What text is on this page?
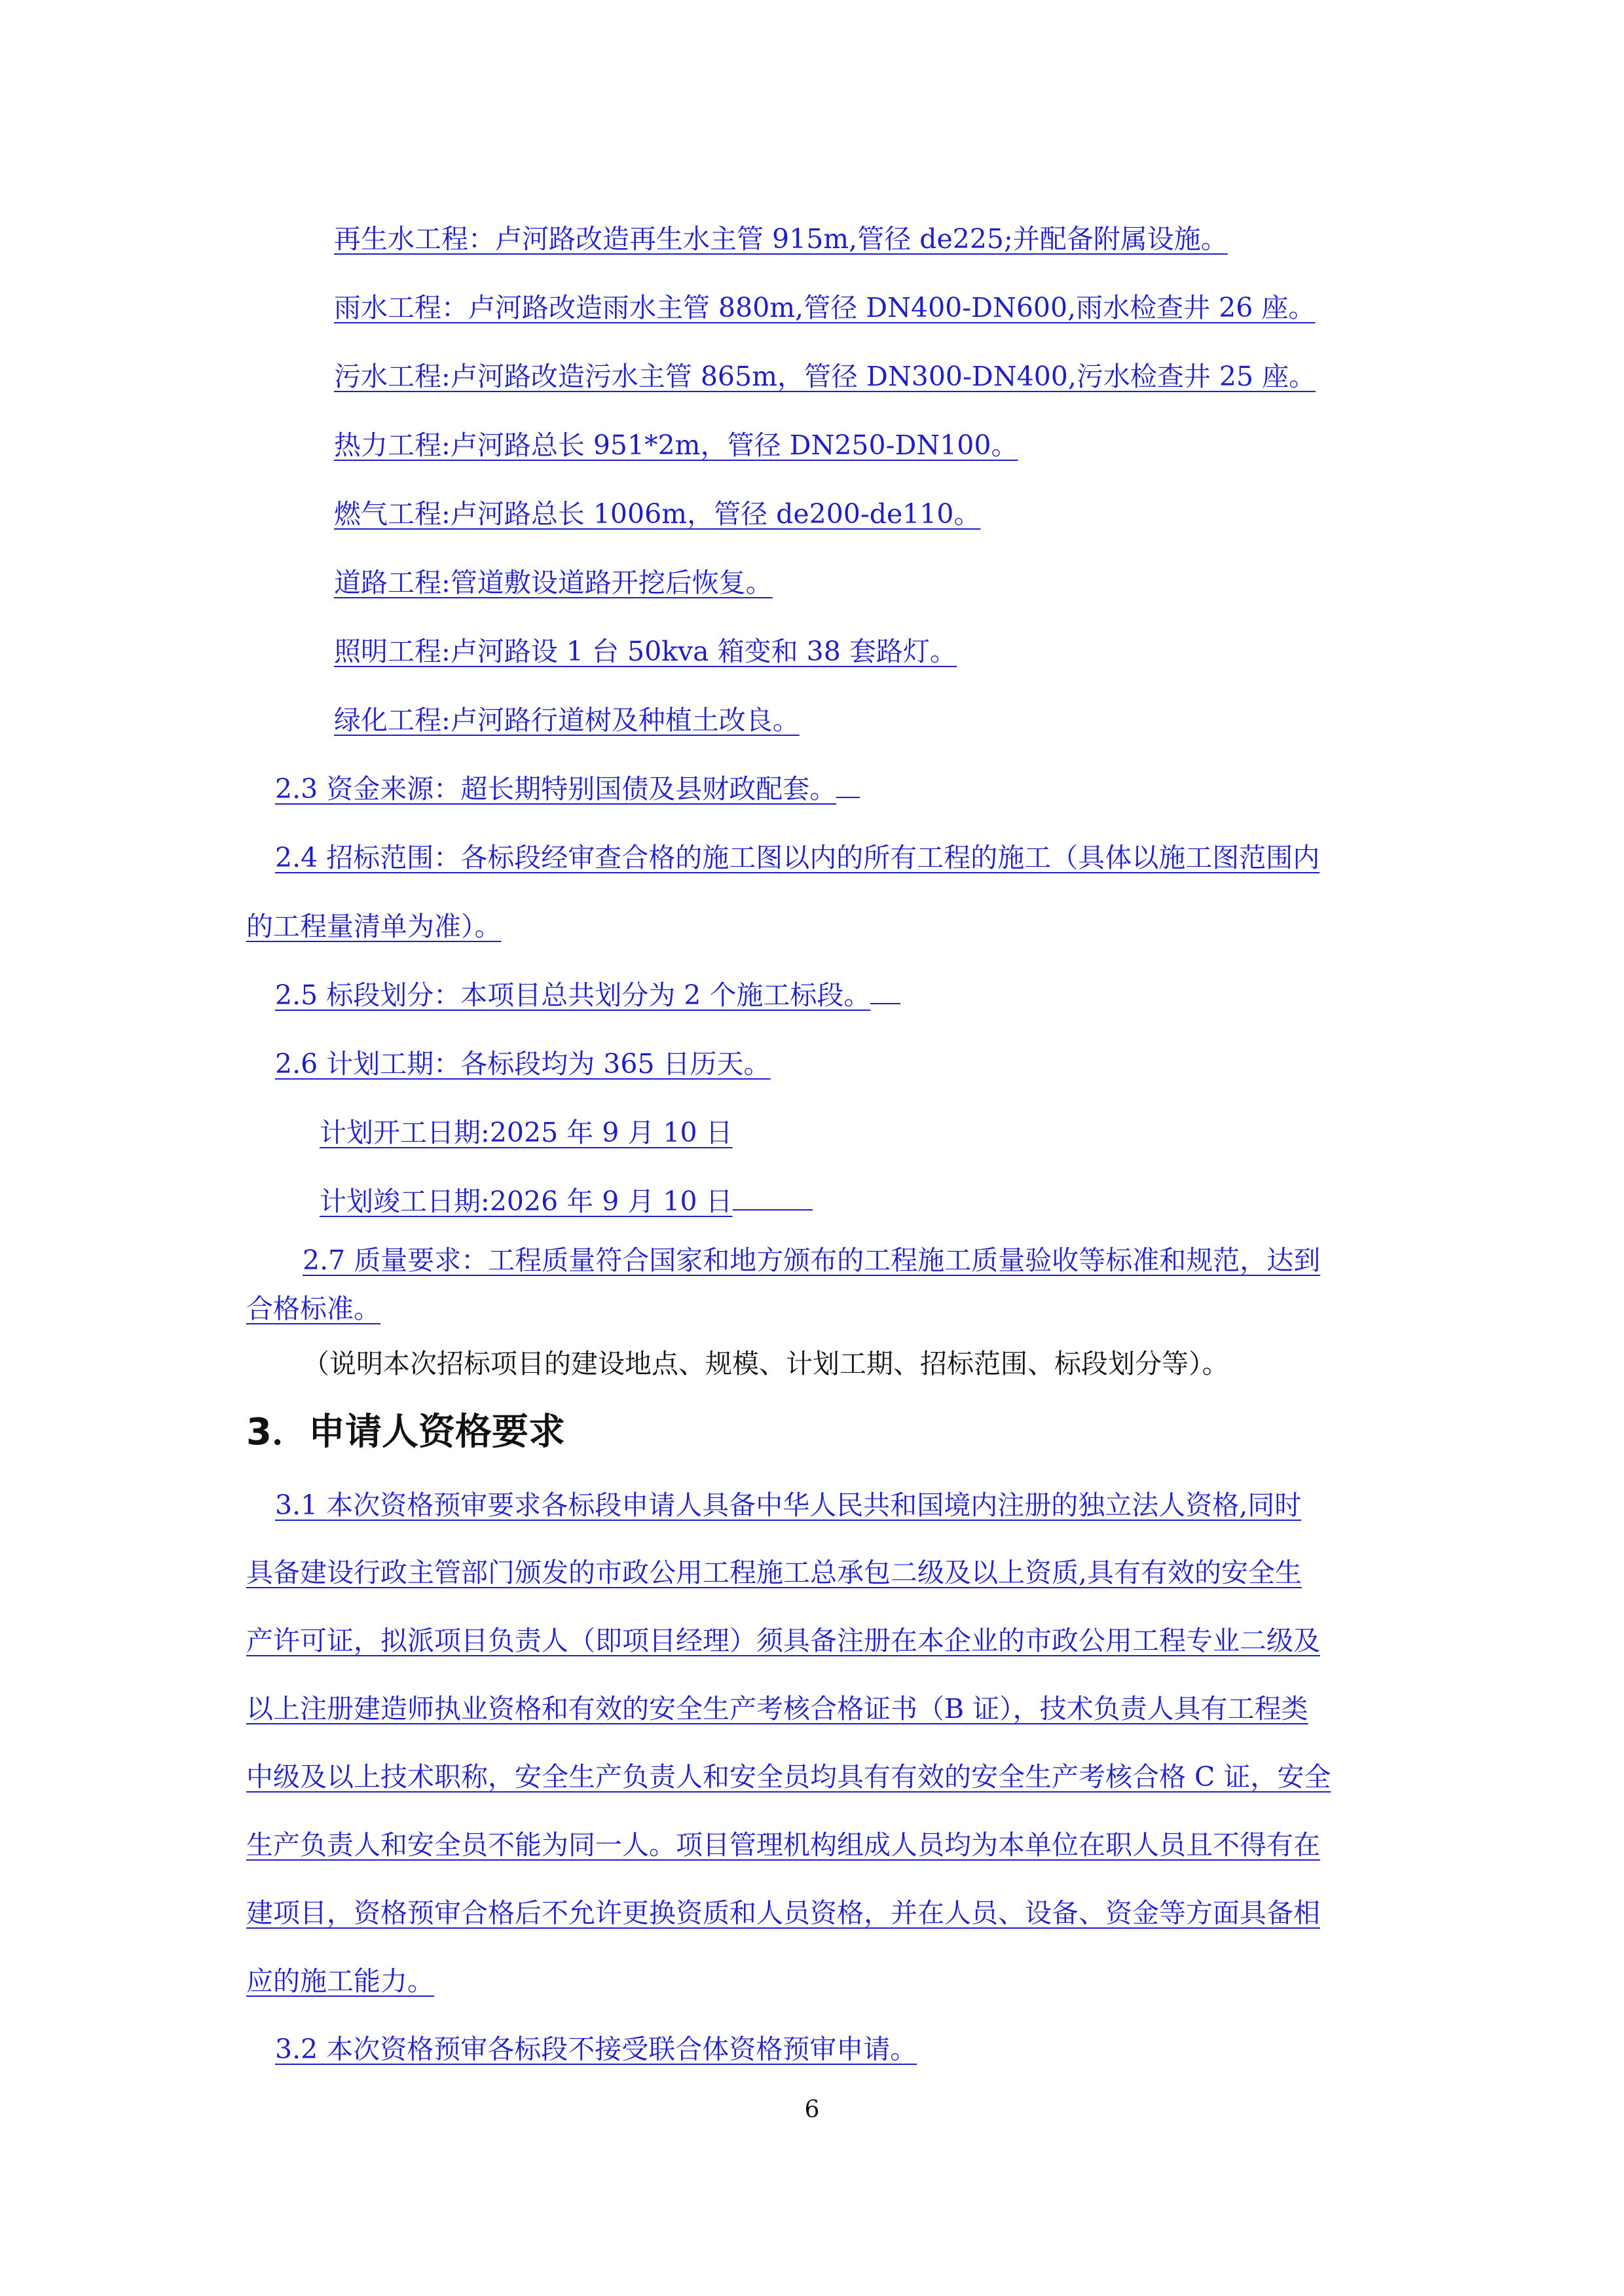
再生水工程：卢河路改造再生水主管 915m,管径 de225;并配备附属设施。

雨水工程：卢河路改造雨水主管 880m,管径 DN400-DN600,雨水检查井 26 座。

污水工程:卢河路改造污水主管 865m，管径 DN300-DN400,污水检查井 25 座。

热力工程:卢河路总长 951*2m，管径 DN250-DN100。

燃气工程:卢河路总长 1006m，管径 de200-de110。

道路工程:管道敷设道路开挖后恢复。

照明工程:卢河路设 1 台 50kva 箱变和 38 套路灯。

绿化工程:卢河路行道树及种植土改良。

2.3 资金来源：超长期特别国债及县财政配套。

2.4 招标范围：各标段经审查合格的施工图以内的所有工程的施工（具体以施工图范围内

的工程量清单为准）。

2.5 标段划分：本项目总共划分为 2 个施工标段。

2.6 计划工期：各标段均为 365 日历天。

计划开工日期:2025 年 9 月 10 日

计划竣工日期:2026 年 9 月 10 日

2.7 质量要求：工程质量符合国家和地方颁布的工程施工质量验收等标准和规范，达到

合格标准。

（说明本次招标项目的建设地点、规模、计划工期、招标范围、标段划分等）。

3．申请人资格要求

3.1 本次资格预审要求各标段申请人具备中华人民共和国境内注册的独立法人资格,同时

具备建设行政主管部门颁发的市政公用工程施工总承包二级及以上资质,具有有效的安全生

产许可证，拟派项目负责人（即项目经理）须具备注册在本企业的市政公用工程专业二级及

以上注册建造师执业资格和有效的安全生产考核合格证书（B 证），技术负责人具有工程类

中级及以上技术职称，安全生产负责人和安全员均具有有效的安全生产考核合格 C 证，安全

生产负责人和安全员不能为同一人。项目管理机构组成人员均为本单位在职人员且不得有在

建项目，资格预审合格后不允许更换资质和人员资格，并在人员、设备、资金等方面具备相

应的施工能力。

3.2 本次资格预审各标段不接受联合体资格预审申请。

6
